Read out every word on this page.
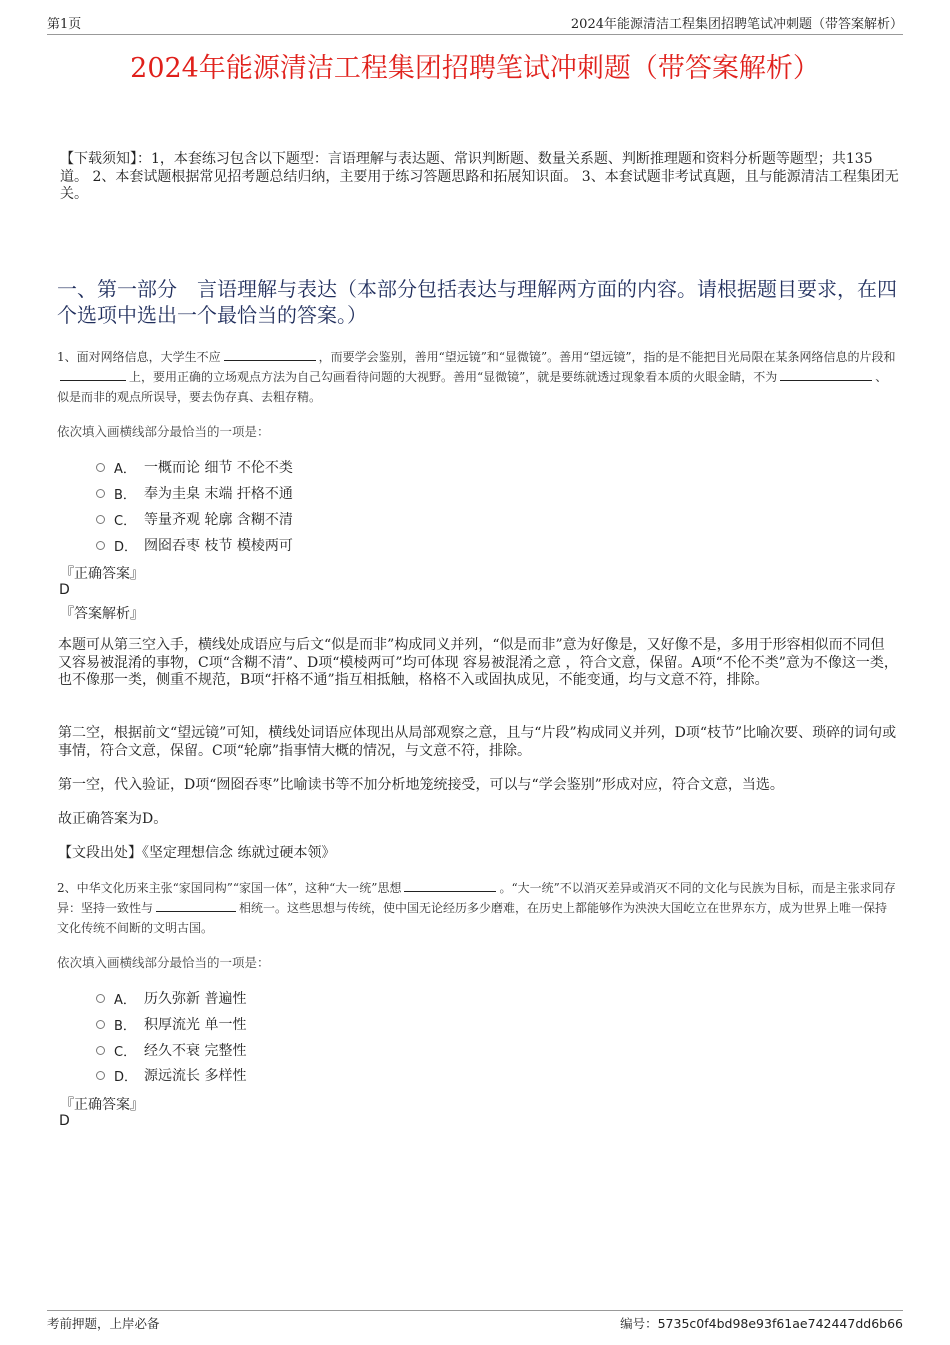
第1页	2024年能源清洁工程集团招聘笔试冲刺题（带答案解析）
2024年能源清洁工程集团招聘笔试冲刺题（带答案解析）
【下载须知】：1，本套练习包含以下题型：言语理解与表达题、常识判断题、数量关系题、判断推理题和资料分析题等题型；共135道。 2、本套试题根据常见招考题总结归纳，主要用于练习答题思路和拓展知识面。 3、本套试题非考试真题，且与能源清洁工程集团无关。
一、第一部分　言语理解与表达（本部分包括表达与理解两方面的内容。请根据题目要求，在四个选项中选出一个最恰当的答案。）
1、面对网络信息，大学生不应	，而要学会鉴别，善用“望远镜”和“显微镜”。善用“望远镜”，指的是不能把目光局限在某条网络信息的片段和上，要用正确的立场观点方法为自己勾画看待问题的大视野。善用“显微镜”，就是要练就透过现象看本质的火眼金睛，不为	、似是而非的观点所误导，要去伪存真、去粗存精。
依次填入画横线部分最恰当的一项是：
A． 一概而论 细节 不伦不类
B． 奉为圭臬 末端 扞格不通
C． 等量齐观 轮廓 含糊不清
D． 囫囵吞枣 枝节 模棱两可
『正确答案』
D
『答案解析』
本题可从第三空入手，横线处成语应与后文“似是而非”构成同义并列，“似是而非”意为好像是，又好像不是，多用于形容相似而不同但又容易被混淆的事物，C项“含糊不清”、D项“模棱两可”均可体现 容易被混淆之意 ，符合文意，保留。A项“不伦不类”意为不像这一类，也不像那一类，侧重不规范，B项“扞格不通”指互相抵触，格格不入或固执成见，不能变通，均与文意不符，排除。
第二空，根据前文“望远镜”可知，横线处词语应体现出从局部观察之意，且与“片段”构成同义并列，D项“枝节”比喻次要、琐碎的词句或事情，符合文意，保留。C项“轮廓”指事情大概的情况，与文意不符，排除。
第一空，代入验证，D项“囫囵吞枣”比喻读书等不加分析地笼统接受，可以与“学会鉴别”形成对应，符合文意，当选。
故正确答案为D。
【文段出处】《坚定理想信念 练就过硬本领》
2、中华文化历来主张“家国同构”“家国一体”，这种“大一统”思想	。“大一统”不以消灭差异或消灭不同的文化与民族为目标，而是主张求同存异：坚持一致性与	相统一。这些思想与传统，使中国无论经历多少磨难，在历史上都能够作为泱泱大国屹立在世界东方，成为世界上唯一保持文化传统不间断的文明古国。
依次填入画横线部分最恰当的一项是：
A． 历久弥新 普遍性
B． 积厚流光 单一性
C． 经久不衰 完整性
D． 源远流长 多样性
『正确答案』
D
考前押题，上岸必备	编号：5735c0f4bd98e93f61ae742447dd6b66
